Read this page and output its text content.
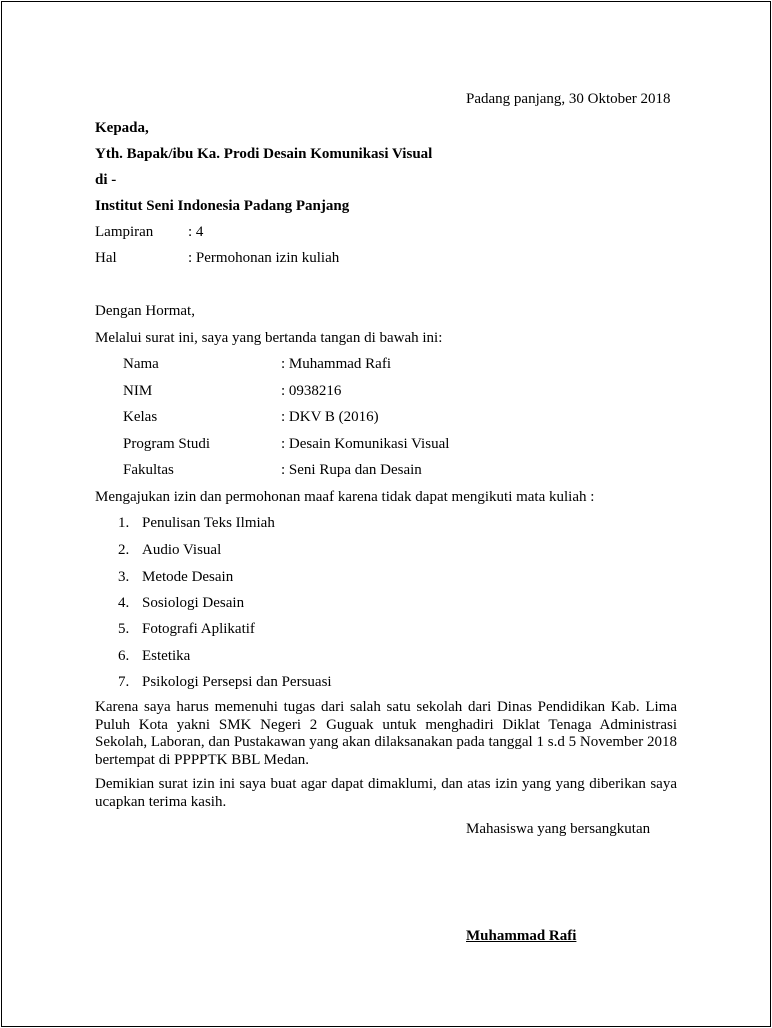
Padang panjang, 30 Oktober 2018
Kepada,
Yth. Bapak/ibu Ka. Prodi Desain Komunikasi Visual
di -
Institut Seni Indonesia Padang Panjang
Lampiran : 4
Hal	: Permohonan izin kuliah
Dengan Hormat,
Melalui surat ini, saya yang bertanda tangan di bawah ini:
Nama	: Muhammad Rafi
NIM	: 0938216
Kelas	: DKV B (2016)
Program Studi	: Desain Komunikasi Visual
Fakultas	: Seni Rupa dan Desain
Mengajukan izin dan permohonan maaf karena tidak dapat mengikuti mata kuliah :
1. Penulisan Teks Ilmiah
2. Audio Visual
3. Metode Desain
4. Sosiologi Desain
5. Fotografi Aplikatif
6. Estetika
7. Psikologi Persepsi dan Persuasi
Karena saya harus memenuhi tugas dari salah satu sekolah dari Dinas Pendidikan Kab. Lima Puluh Kota yakni SMK Negeri 2 Guguak untuk menghadiri Diklat Tenaga Administrasi Sekolah, Laboran, dan Pustakawan yang akan dilaksanakan pada tanggal 1 s.d 5 November 2018 bertempat di PPPPTK BBL Medan.
Demikian surat izin ini saya buat agar dapat dimaklumi, dan atas izin yang yang diberikan saya ucapkan terima kasih.
Mahasiswa yang bersangkutan
Muhammad Rafi
